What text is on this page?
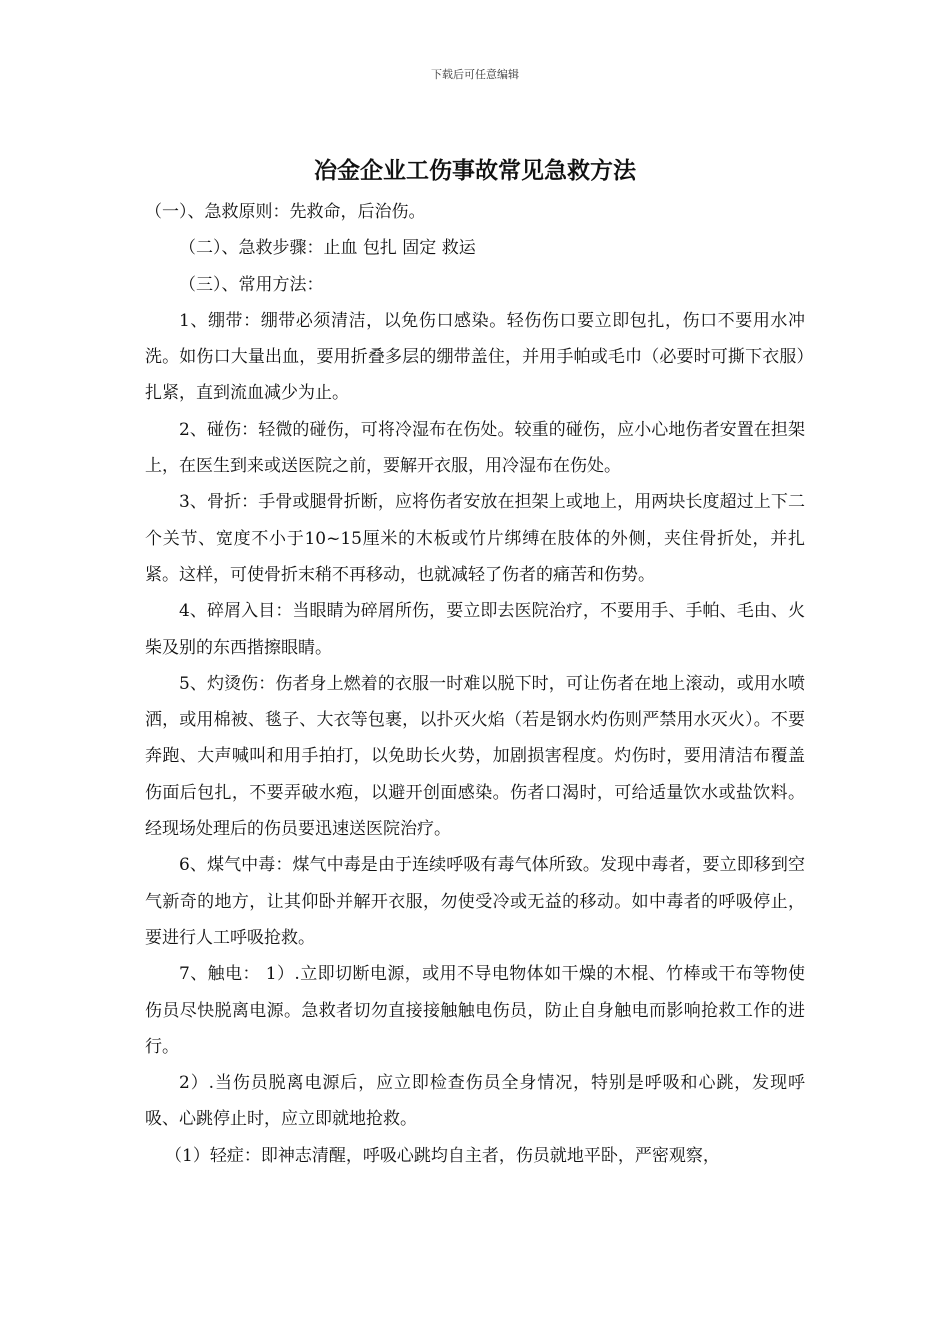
下载后可任意编辑
冶金企业工伤事故常见急救方法

（一）、急救原则：先救命，后治伤。

（二）、急救步骤：止血 包扎 固定 救运

（三）、常用方法：

1、绷带：绷带必须清洁，以免伤口感染。轻伤伤口要立即包扎，伤口不要用水冲洗。如伤口大量出血，要用折叠多层的绷带盖住，并用手帕或毛巾（必要时可撕下衣服）扎紧，直到流血减少为止。

2、碰伤：轻微的碰伤，可将冷湿布在伤处。较重的碰伤，应小心地伤者安置在担架上，在医生到来或送医院之前，要解开衣服，用冷湿布在伤处。

3、骨折：手骨或腿骨折断，应将伤者安放在担架上或地上，用两块长度超过上下二个关节、宽度不小于10~15厘米的木板或竹片绑缚在肢体的外侧，夹住骨折处，并扎紧。这样，可使骨折末稍不再移动，也就减轻了伤者的痛苦和伤势。

4、碎屑入目：当眼睛为碎屑所伤，要立即去医院治疗，不要用手、手帕、毛由、火柴及别的东西揩擦眼睛。

5、灼烫伤：伤者身上燃着的衣服一时难以脱下时，可让伤者在地上滚动，或用水喷洒，或用棉被、毯子、大衣等包裹，以扑灭火焰（若是钢水灼伤则严禁用水灭火）。不要奔跑、大声喊叫和用手拍打，以免助长火势，加剧损害程度。灼伤时，要用清洁布覆盖伤面后包扎，不要弄破水疱，以避开创面感染。伤者口渴时，可给适量饮水或盐饮料。经现场处理后的伤员要迅速送医院治疗。

6、煤气中毒：煤气中毒是由于连续呼吸有毒气体所致。发现中毒者，要立即移到空气新奇的地方，让其仰卧并解开衣服，勿使受冷或无益的移动。如中毒者的呼吸停止，要进行人工呼吸抢救。

7、触电： 1）.立即切断电源，或用不导电物体如干燥的木棍、竹棒或干布等物使伤员尽快脱离电源。急救者切勿直接接触触电伤员，防止自身触电而影响抢救工作的进行。

2）.当伤员脱离电源后，应立即检查伤员全身情况，特别是呼吸和心跳，发现呼吸、心跳停止时，应立即就地抢救。

（1）轻症：即神志清醒，呼吸心跳均自主者，伤员就地平卧，严密观察，
